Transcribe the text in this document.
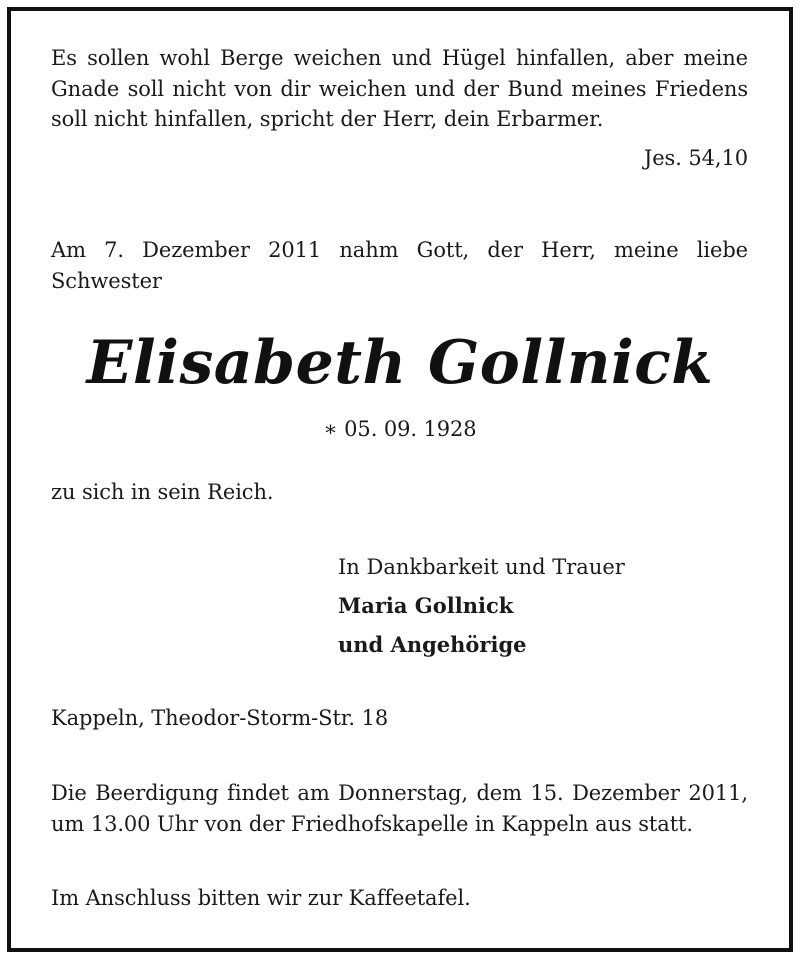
Es sollen wohl Berge weichen und Hügel hinfallen, aber meine Gnade soll nicht von dir weichen und der Bund meines Friedens soll nicht hinfallen, spricht der Herr, dein Erbarmer.
Jes. 54,10
Am 7. Dezember 2011 nahm Gott, der Herr, meine liebe Schwester
Elisabeth Gollnick
∗ 05. 09. 1928
zu sich in sein Reich.
In Dankbarkeit und Trauer
Maria Gollnick
und Angehörige
Kappeln, Theodor-Storm-Str. 18
Die Beerdigung findet am Donnerstag, dem 15. Dezember 2011, um 13.00 Uhr von der Friedhofskapelle in Kappeln aus statt.
Im Anschluss bitten wir zur Kaffeetafel.
